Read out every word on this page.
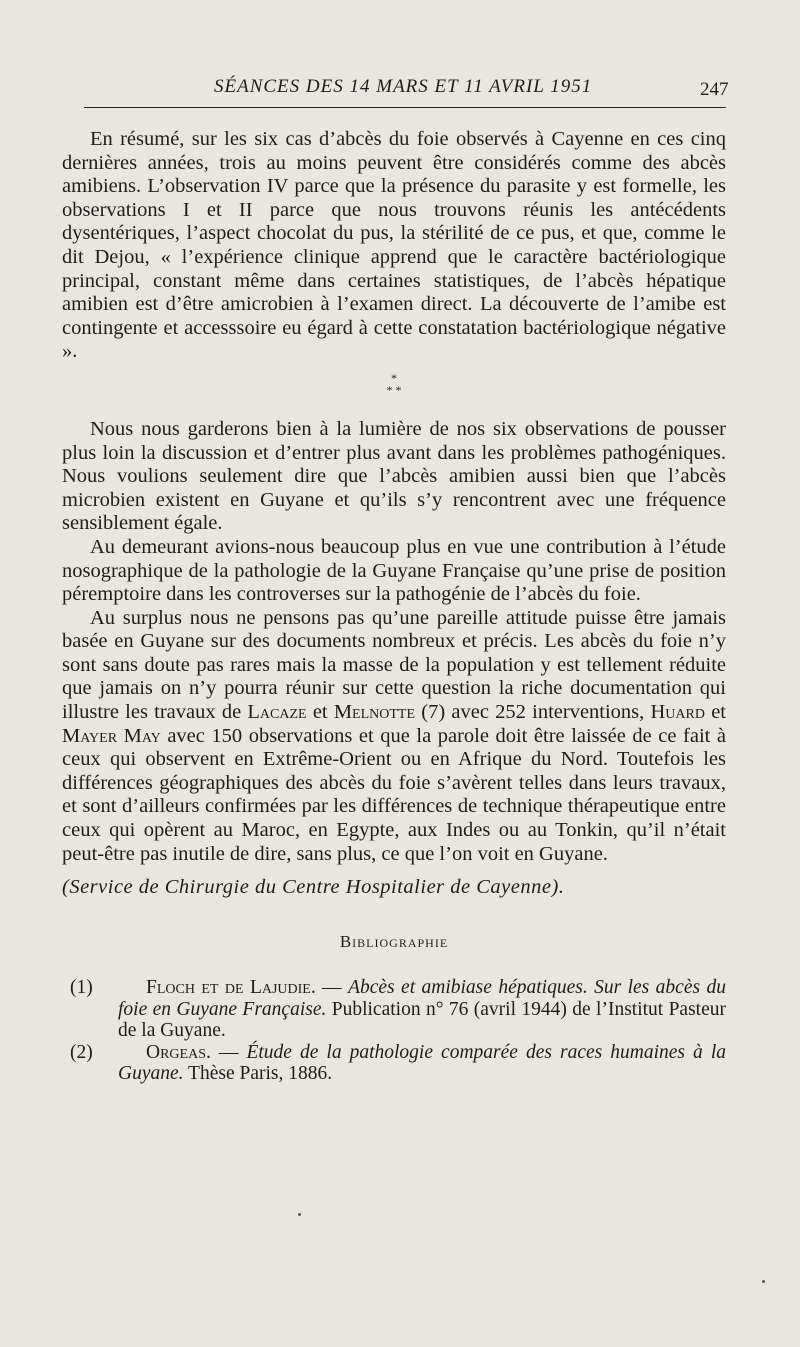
SÉANCES DES 14 MARS ET 11 AVRIL 1951	247

En résumé, sur les six cas d’abcès du foie observés à Cayenne en ces cinq dernières années, trois au moins peuvent être considérés comme des abcès amibiens. L’observation IV parce que la présence du parasite y est formelle, les observations I et II parce que nous trouvons réunis les antécédents dysentériques, l’aspect chocolat du pus, la stérilité de ce pus, et que, comme le dit Dejou, « l’expérience clinique apprend que le caractère bactériologique principal, constant même dans certaines statistiques, de l’abcès hépatique amibien est d’être amicrobien à l’examen direct. La découverte de l’amibe est contingente et accesssoire eu égard à cette constatation bactériologique négative ».

*
* *

Nous nous garderons bien à la lumière de nos six observations de pousser plus loin la discussion et d’entrer plus avant dans les problèmes pathogéniques. Nous voulions seulement dire que l’abcès amibien aussi bien que l’abcès microbien existent en Guyane et qu’ils s’y rencontrent avec une fréquence sensiblement égale.

Au demeurant avions-nous beaucoup plus en vue une contribution à l’étude nosographique de la pathologie de la Guyane Française qu’une prise de position péremptoire dans les controverses sur la pathogénie de l’abcès du foie.

Au surplus nous ne pensons pas qu’une pareille attitude puisse être jamais basée en Guyane sur des documents nombreux et précis. Les abcès du foie n’y sont sans doute pas rares mais la masse de la population y est tellement réduite que jamais on n’y pourra réunir sur cette question la riche documentation qui illustre les travaux de Lacaze et Melnotte (7) avec 252 interventions, Huard et Mayer May avec 150 observations et que la parole doit être laissée de ce fait à ceux qui observent en Extrême-Orient ou en Afrique du Nord. Toutefois les différences géographiques des abcès du foie s’avèrent telles dans leurs travaux, et sont d’ailleurs confirmées par les différences de technique thérapeutique entre ceux qui opèrent au Maroc, en Egypte, aux Indes ou au Tonkin, qu’il n’était peut-être pas inutile de dire, sans plus, ce que l’on voit en Guyane.

(Service de Chirurgie du Centre Hospitalier de Cayenne).

Bibliographie

(1)	Floch et de Lajudie. — Abcès et amibiase hépatiques. Sur les abcès du foie en Guyane Française. Publication n° 76 (avril 1944) de l’Institut Pasteur de la Guyane.

(2)	Orgeas. — Étude de la pathologie comparée des races humaines à la Guyane. Thèse Paris, 1886.
